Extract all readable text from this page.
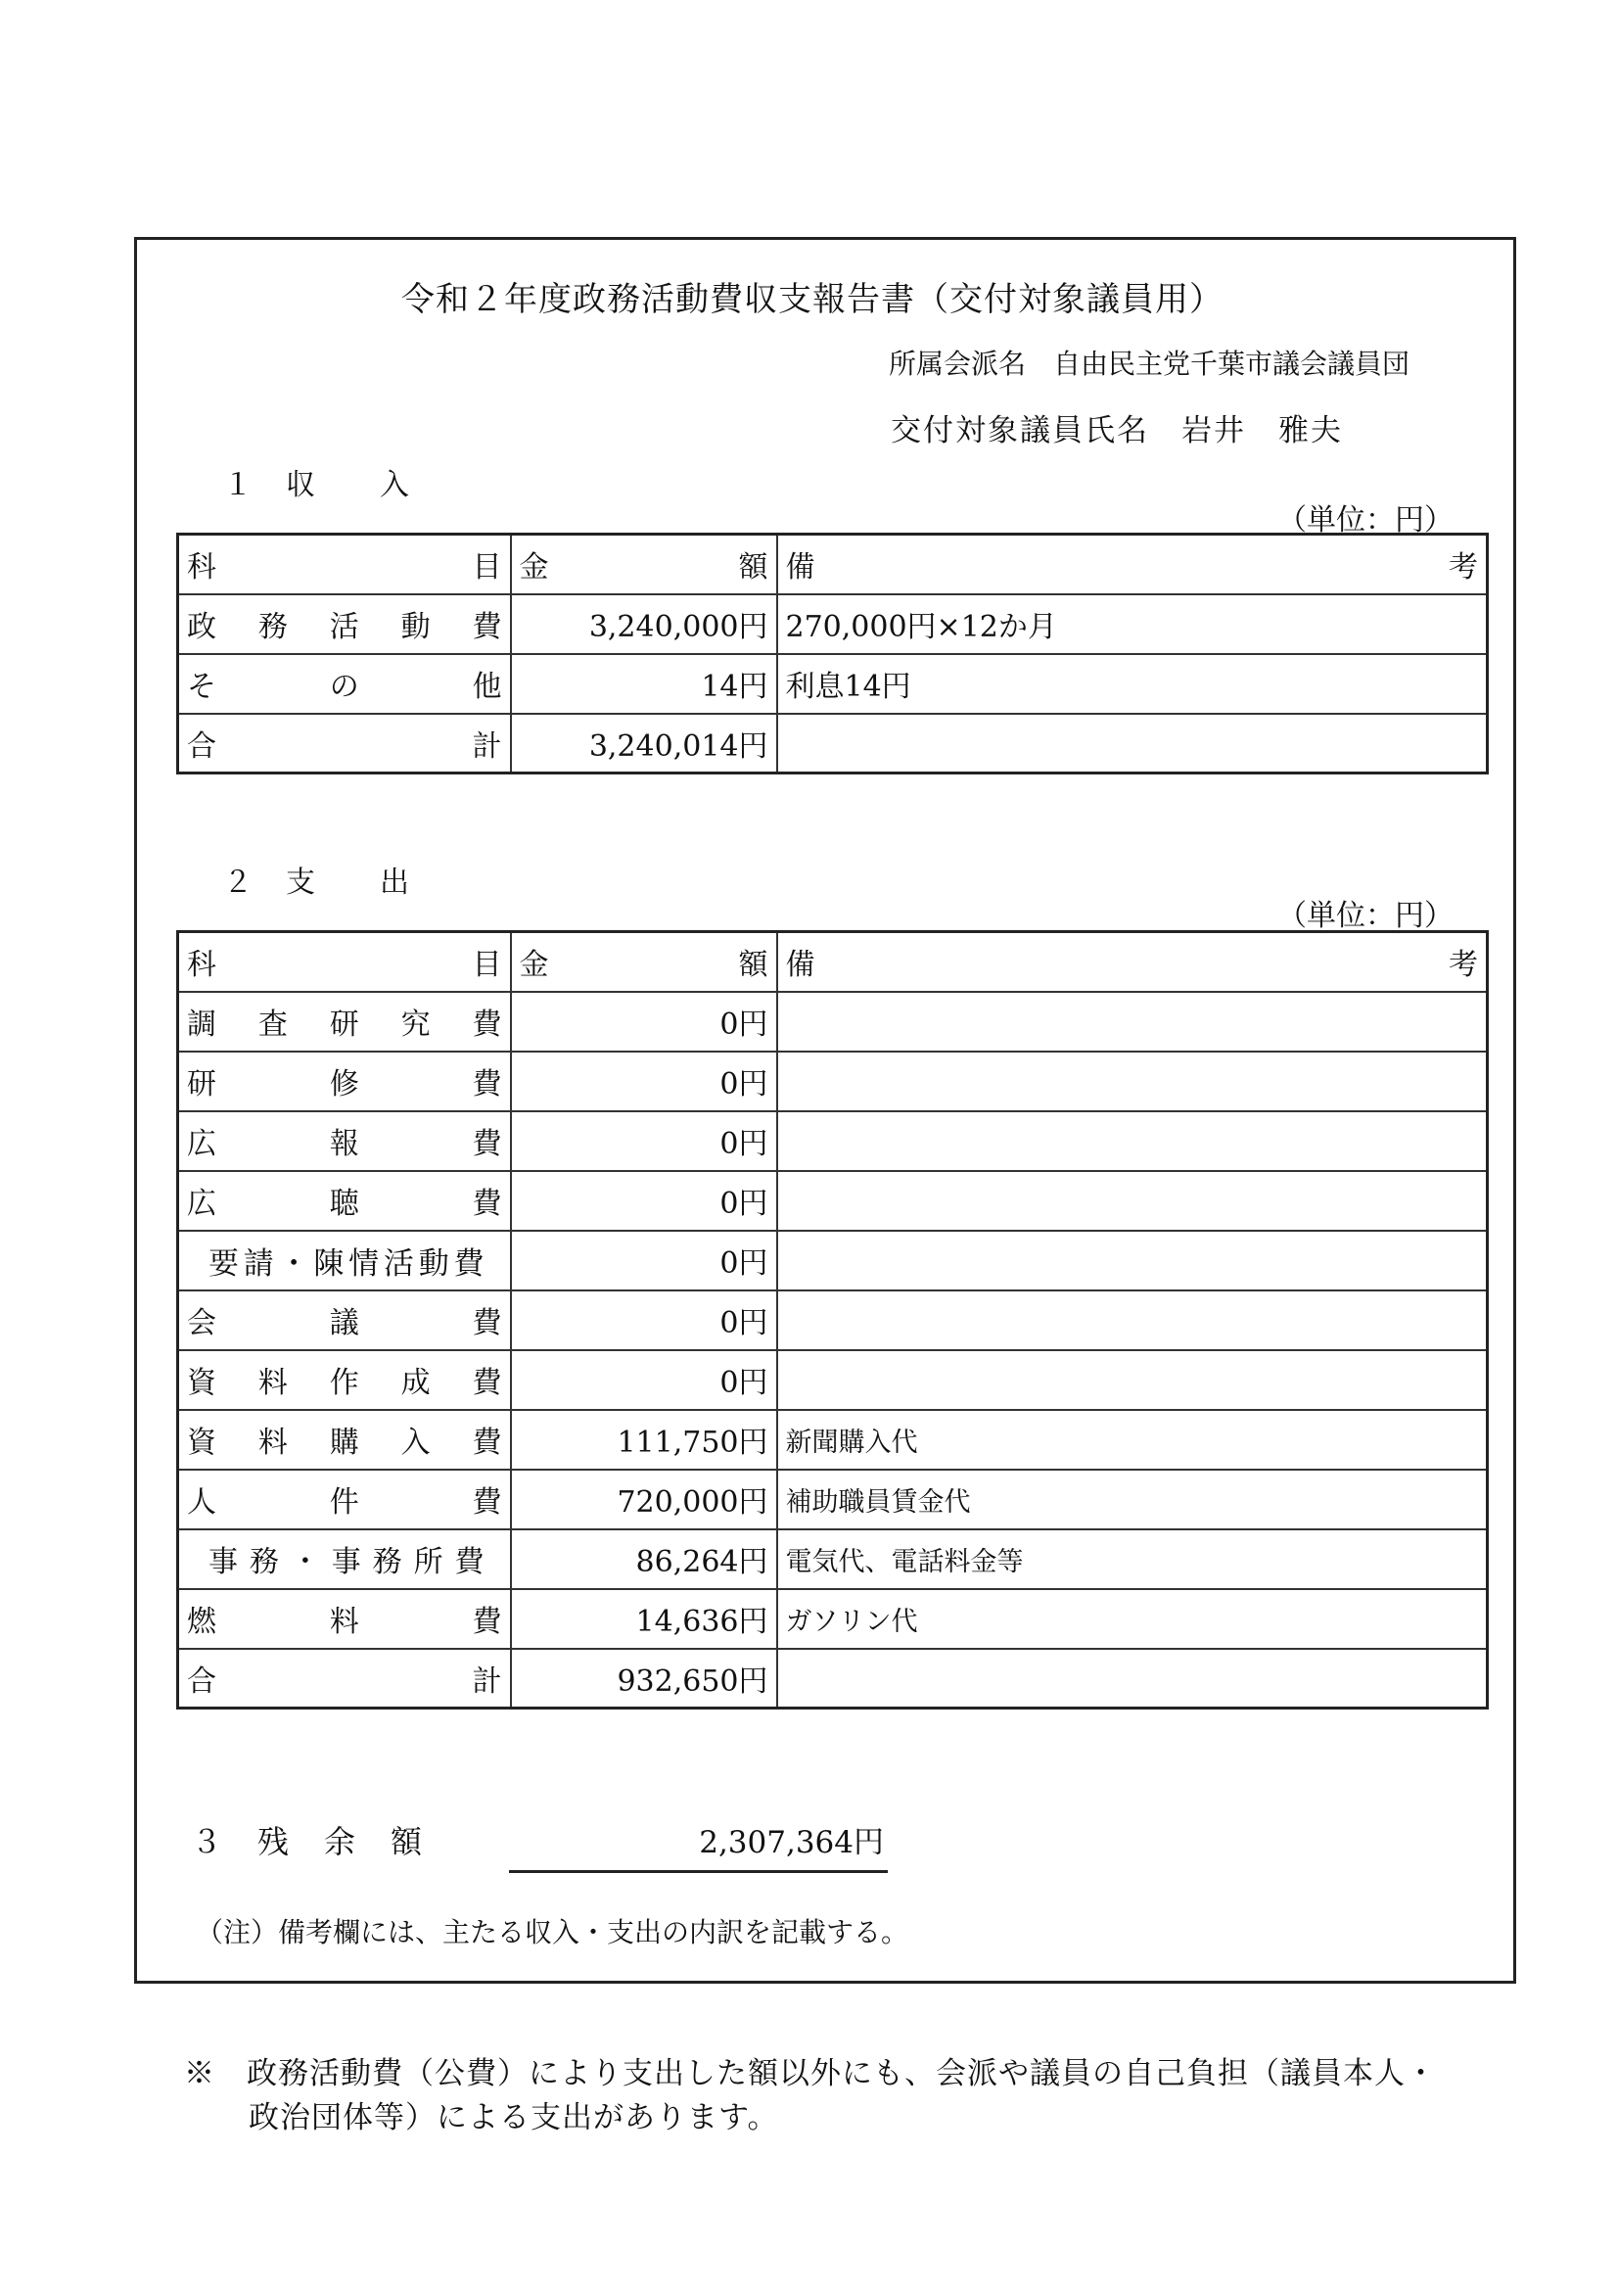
令和２年度政務活動費収支報告書（交付対象議員用）
所属会派名　自由民主党千葉市議会議員団
交付対象議員氏名　岩井　雅夫
１　収　　入
（単位：円）
科目	金額	備考
政務活動費	3,240,000円	270,000円×12か月
その他	14円	利息14円
合計	3,240,014円	
２　支　　出
（単位：円）
科目	金額	備考
調査研究費	0円	
研修費	0円	
広報費	0円	
広聴費	0円	
要請・陳情活動費	0円	
会議費	0円	
資料作成費	0円	
資料購入費	111,750円	新聞購入代
人件費	720,000円	補助職員賃金代
事務・事務所費	86,264円	電気代、電話料金等
燃料費	14,636円	ガソリン代
合計	932,650円	
３　残　余　額	2,307,364円
（注）備考欄には、主たる収入・支出の内訳を記載する。
※　政務活動費（公費）により支出した額以外にも、会派や議員の自己負担（議員本人・
政治団体等）による支出があります。
